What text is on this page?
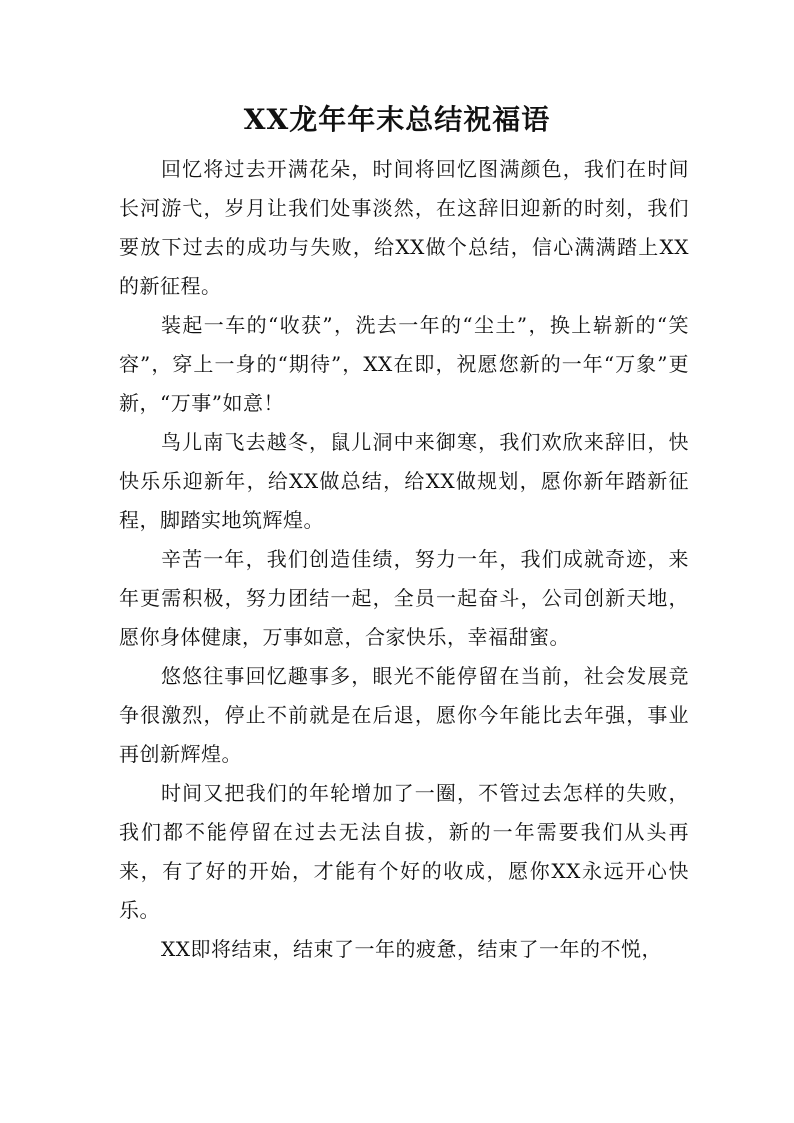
XX龙年年末总结祝福语

回忆将过去开满花朵，时间将回忆图满颜色，我们在时间长河游弋，岁月让我们处事淡然，在这辞旧迎新的时刻，我们要放下过去的成功与失败，给XX做个总结，信心满满踏上XX的新征程。

装起一车的“收获”，洗去一年的“尘土”，换上崭新的“笑容”，穿上一身的“期待”，XX在即，祝愿您新的一年“万象”更新，“万事”如意！

鸟儿南飞去越冬，鼠儿洞中来御寒，我们欢欣来辞旧，快快乐乐迎新年，给XX做总结，给XX做规划，愿你新年踏新征程，脚踏实地筑辉煌。

辛苦一年，我们创造佳绩，努力一年，我们成就奇迹，来年更需积极，努力团结一起，全员一起奋斗，公司创新天地，愿你身体健康，万事如意，合家快乐，幸福甜蜜。

悠悠往事回忆趣事多，眼光不能停留在当前，社会发展竞争很激烈，停止不前就是在后退，愿你今年能比去年强，事业再创新辉煌。

时间又把我们的年轮增加了一圈，不管过去怎样的失败，我们都不能停留在过去无法自拔，新的一年需要我们从头再来，有了好的开始，才能有个好的收成，愿你XX永远开心快乐。

XX即将结束，结束了一年的疲惫，结束了一年的不悦，
